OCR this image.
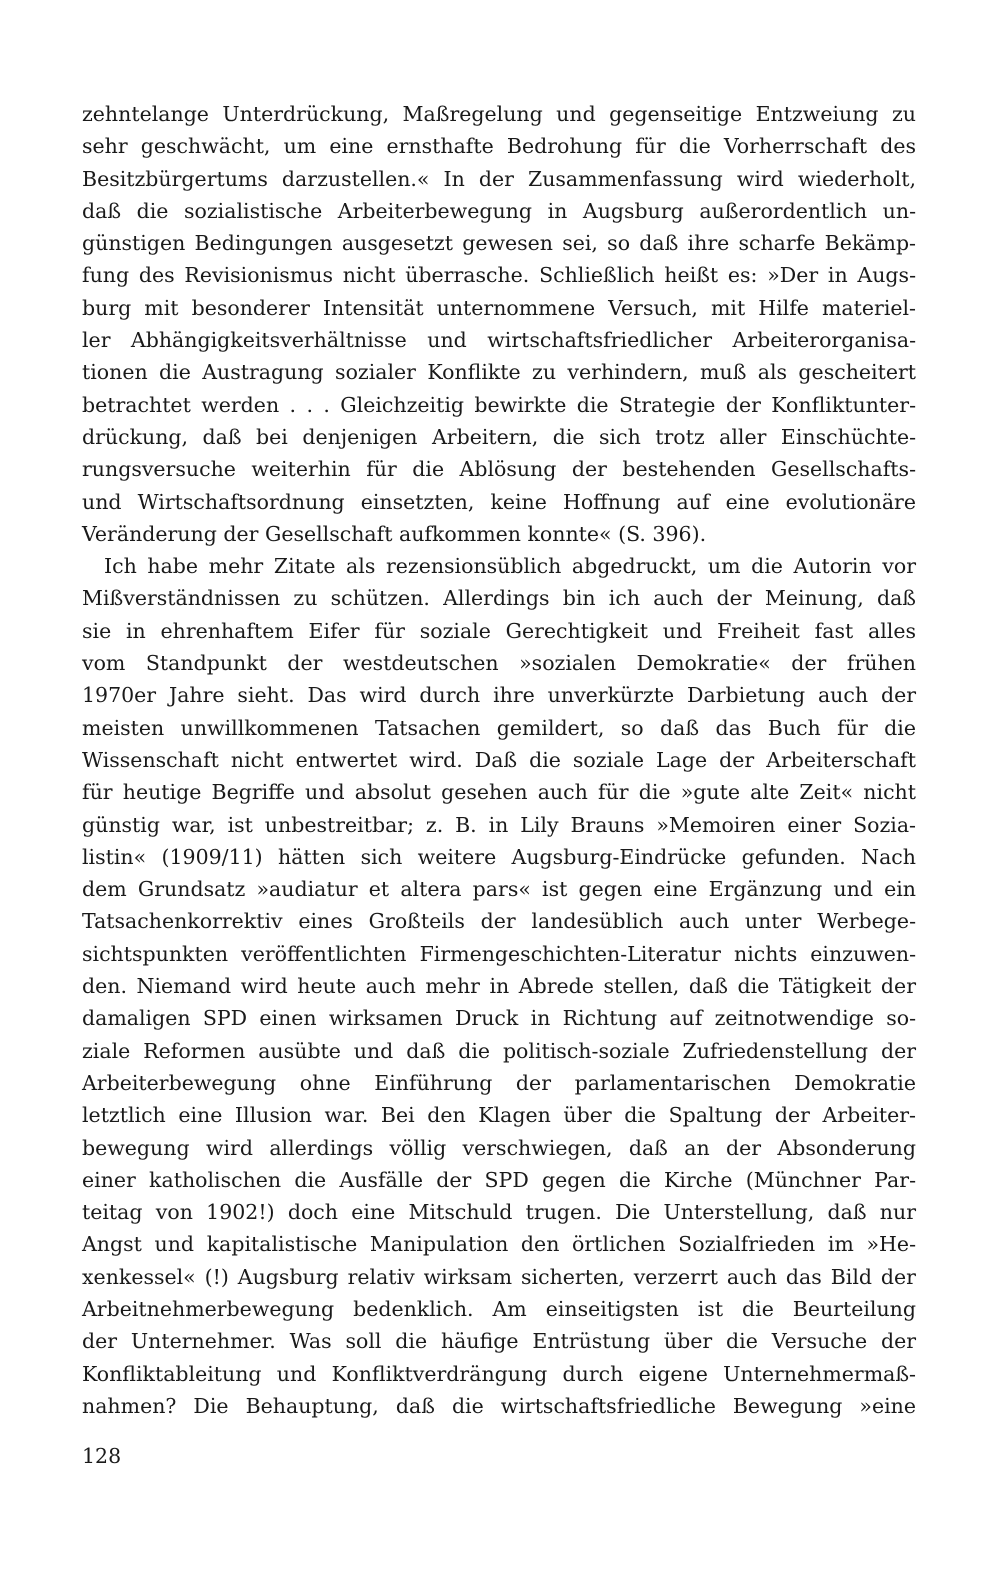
zehntelange Unterdrückung, Maßregelung und gegenseitige Entzweiung zu
sehr geschwächt, um eine ernsthafte Bedrohung für die Vorherrschaft des
Besitzbürgertums darzustellen.« In der Zusammenfassung wird wiederholt,
daß die sozialistische Arbeiterbewegung in Augsburg außerordentlich un-
günstigen Bedingungen ausgesetzt gewesen sei, so daß ihre scharfe Bekämp-
fung des Revisionismus nicht überrasche. Schließlich heißt es: »Der in Augs-
burg mit besonderer Intensität unternommene Versuch, mit Hilfe materiel-
ler Abhängigkeitsverhältnisse und wirtschaftsfriedlicher Arbeiterorganisa-
tionen die Austragung sozialer Konflikte zu verhindern, muß als gescheitert
betrachtet werden . . . Gleichzeitig bewirkte die Strategie der Konfliktunter-
drückung, daß bei denjenigen Arbeitern, die sich trotz aller Einschüchte-
rungsversuche weiterhin für die Ablösung der bestehenden Gesellschafts-
und Wirtschaftsordnung einsetzten, keine Hoffnung auf eine evolutionäre
Veränderung der Gesellschaft aufkommen konnte« (S. 396).
Ich habe mehr Zitate als rezensionsüblich abgedruckt, um die Autorin vor
Mißverständnissen zu schützen. Allerdings bin ich auch der Meinung, daß
sie in ehrenhaftem Eifer für soziale Gerechtigkeit und Freiheit fast alles
vom Standpunkt der westdeutschen »sozialen Demokratie« der frühen
1970er Jahre sieht. Das wird durch ihre unverkürzte Darbietung auch der
meisten unwillkommenen Tatsachen gemildert, so daß das Buch für die
Wissenschaft nicht entwertet wird. Daß die soziale Lage der Arbeiterschaft
für heutige Begriffe und absolut gesehen auch für die »gute alte Zeit« nicht
günstig war, ist unbestreitbar; z. B. in Lily Brauns »Memoiren einer Sozia-
listin« (1909/11) hätten sich weitere Augsburg-Eindrücke gefunden. Nach
dem Grundsatz »audiatur et altera pars« ist gegen eine Ergänzung und ein
Tatsachenkorrektiv eines Großteils der landesüblich auch unter Werbege-
sichtspunkten veröffentlichten Firmengeschichten-Literatur nichts einzuwen-
den. Niemand wird heute auch mehr in Abrede stellen, daß die Tätigkeit der
damaligen SPD einen wirksamen Druck in Richtung auf zeitnotwendige so-
ziale Reformen ausübte und daß die politisch-soziale Zufriedenstellung der
Arbeiterbewegung ohne Einführung der parlamentarischen Demokratie
letztlich eine Illusion war. Bei den Klagen über die Spaltung der Arbeiter-
bewegung wird allerdings völlig verschwiegen, daß an der Absonderung
einer katholischen die Ausfälle der SPD gegen die Kirche (Münchner Par-
teitag von 1902!) doch eine Mitschuld trugen. Die Unterstellung, daß nur
Angst und kapitalistische Manipulation den örtlichen Sozialfrieden im »He-
xenkessel« (!) Augsburg relativ wirksam sicherten, verzerrt auch das Bild der
Arbeitnehmerbewegung bedenklich. Am einseitigsten ist die Beurteilung
der Unternehmer. Was soll die häufige Entrüstung über die Versuche der
Konfliktableitung und Konfliktverdrängung durch eigene Unternehmermaß-
nahmen? Die Behauptung, daß die wirtschaftsfriedliche Bewegung »eine
128
